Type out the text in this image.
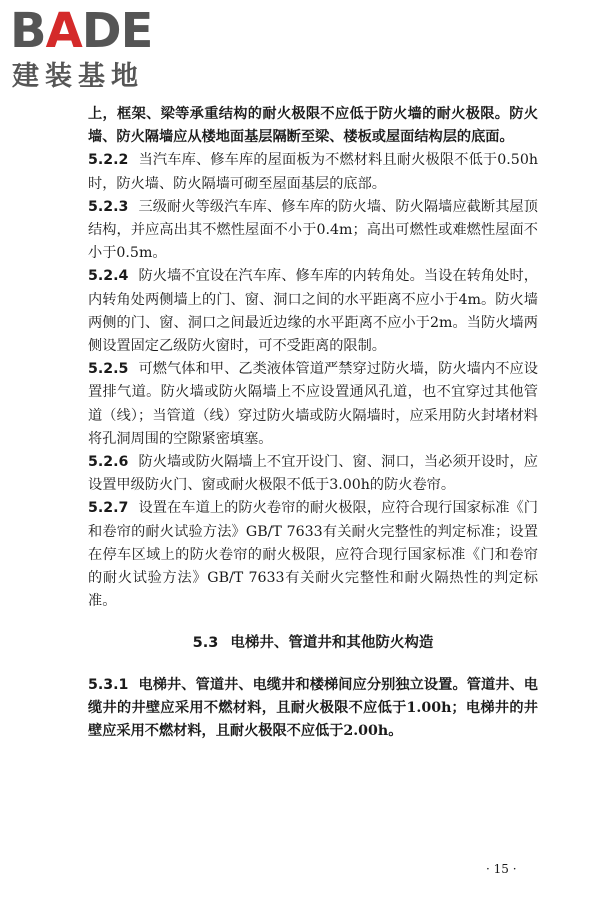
BADE
建装基地

上，框架、梁等承重结构的耐火极限不应低于防火墙的耐火极限。防火墙、防火隔墙应从楼地面基层隔断至梁、楼板或屋面结构层的底面。

5.2.2 当汽车库、修车库的屋面板为不燃材料且耐火极限不低于0.50h时，防火墙、防火隔墙可砌至屋面基层的底部。

5.2.3 三级耐火等级汽车库、修车库的防火墙、防火隔墙应截断其屋顶结构，并应高出其不燃性屋面不小于0.4m；高出可燃性或难燃性屋面不小于0.5m。

5.2.4 防火墙不宜设在汽车库、修车库的内转角处。当设在转角处时，内转角处两侧墙上的门、窗、洞口之间的水平距离不应小于4m。防火墙两侧的门、窗、洞口之间最近边缘的水平距离不应小于2m。当防火墙两侧设置固定乙级防火窗时，可不受距离的限制。

5.2.5 可燃气体和甲、乙类液体管道严禁穿过防火墙，防火墙内不应设置排气道。防火墙或防火隔墙上不应设置通风孔道，也不宜穿过其他管道（线）；当管道（线）穿过防火墙或防火隔墙时，应采用防火封堵材料将孔洞周围的空隙紧密填塞。

5.2.6 防火墙或防火隔墙上不宜开设门、窗、洞口，当必须开设时，应设置甲级防火门、窗或耐火极限不低于3.00h的防火卷帘。

5.2.7 设置在车道上的防火卷帘的耐火极限，应符合现行国家标准《门和卷帘的耐火试验方法》GB/T 7633有关耐火完整性的判定标准；设置在停车区域上的防火卷帘的耐火极限，应符合现行国家标准《门和卷帘的耐火试验方法》GB/T 7633有关耐火完整性和耐火隔热性的判定标准。

5.3 电梯井、管道井和其他防火构造

5.3.1 电梯井、管道井、电缆井和楼梯间应分别独立设置。管道井、电缆井的井壁应采用不燃材料，且耐火极限不应低于1.00h；电梯井的井壁应采用不燃材料，且耐火极限不应低于2.00h。

· 15 ·
